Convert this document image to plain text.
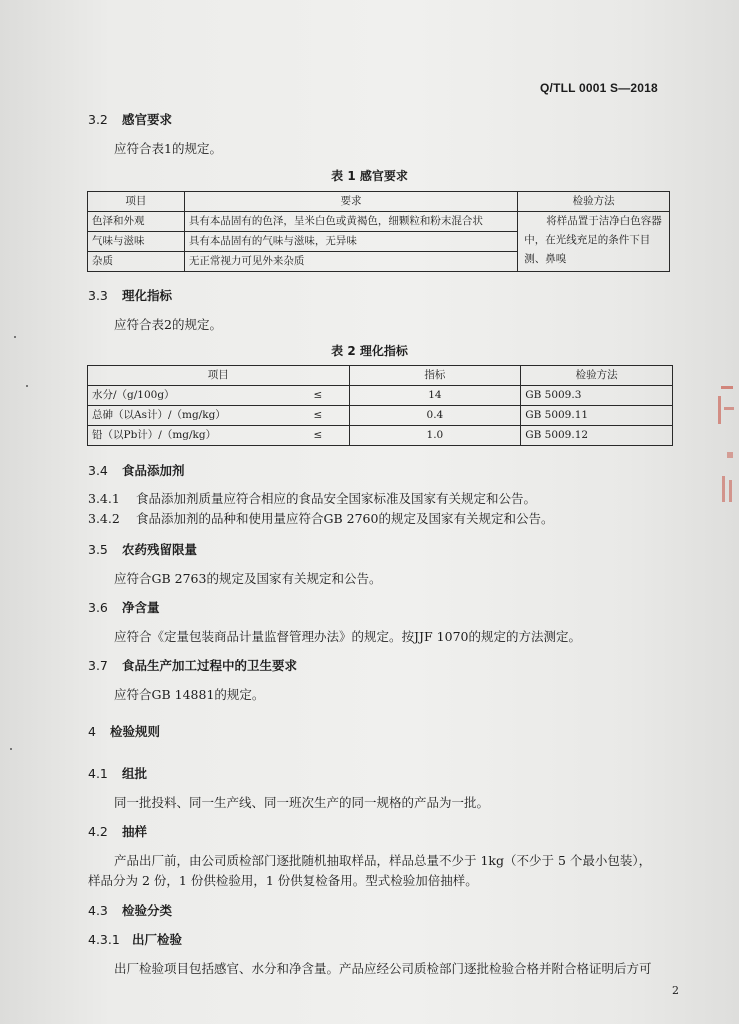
Q/TLL 0001 S—2018
3.2 感官要求
应符合表1的规定。
表 1 感官要求
项目	要求	检验方法
色泽和外观	具有本品固有的色泽，呈米白色或黄褐色，细颗粒和粉末混合状	将样品置于洁净白色容器中，在光线充足的条件下目测、鼻嗅
气味与滋味	具有本品固有的气味与滋味，无异味	
杂质	无正常视力可见外来杂质	
3.3 理化指标
应符合表2的规定。
表 2 理化指标
项目		指标	检验方法
水分/（g/100g）	≤	14	GB 5009.3
总砷（以As计）/（mg/kg）	≤	0.4	GB 5009.11
铅（以Pb计）/（mg/kg）	≤	1.0	GB 5009.12
3.4 食品添加剂
3.4.1 食品添加剂质量应符合相应的食品安全国家标准及国家有关规定和公告。
3.4.2 食品添加剂的品种和使用量应符合GB 2760的规定及国家有关规定和公告。
3.5 农药残留限量
应符合GB 2763的规定及国家有关规定和公告。
3.6 净含量
应符合《定量包装商品计量监督管理办法》的规定。按JJF 1070的规定的方法测定。
3.7 食品生产加工过程中的卫生要求
应符合GB 14881的规定。
4 检验规则
4.1 组批
同一批投料、同一生产线、同一班次生产的同一规格的产品为一批。
4.2 抽样
产品出厂前，由公司质检部门逐批随机抽取样品，样品总量不少于 1kg（不少于 5 个最小包装），
样品分为 2 份，1 份供检验用，1 份供复检备用。型式检验加倍抽样。
4.3 检验分类
4.3.1 出厂检验
出厂检验项目包括感官、水分和净含量。产品应经公司质检部门逐批检验合格并附合格证明后方可
2
